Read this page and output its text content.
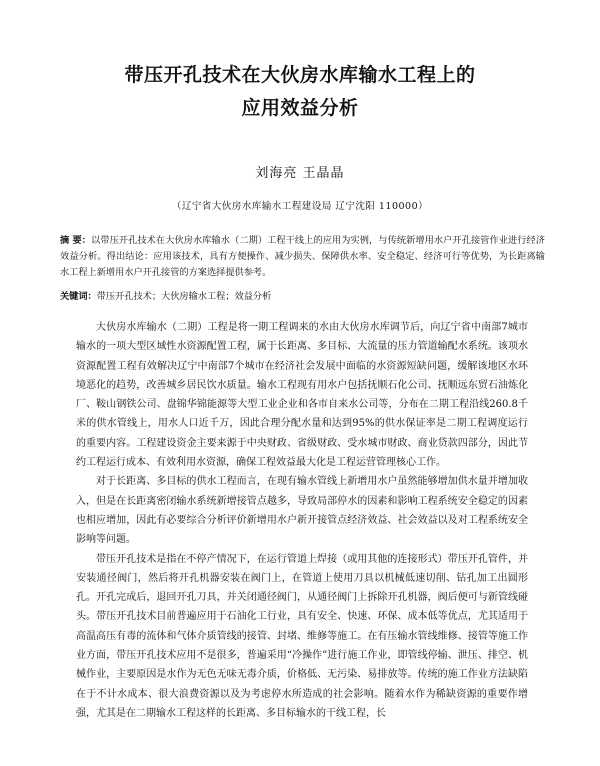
带压开孔技术在大伙房水库输水工程上的
应用效益分析
刘海亮 王晶晶
（辽宁省大伙房水库输水工程建设局 辽宁沈阳 110000）
摘 要：以带压开孔技术在大伙房水库输水（二期）工程干线上的应用为实例，与传统新增用水户开孔接管作业进行经济效益分析。得出结论：应用该技术，具有方便操作、减少损失、保障供水率、安全稳定、经济可行等优势，为长距离输水工程上新增用水户开孔接管的方案选择提供参考。
关键词：带压开孔技术；大伙房输水工程；效益分析

大伙房水库输水（二期）工程是将一期工程调来的水由大伙房水库调节后，向辽宁省中南部7城市输水的一项大型区域性水资源配置工程，属于长距离、多目标、大流量的压力管道输配水系统。该项水资源配置工程有效解决辽宁中南部7个城市在经济社会发展中面临的水资源短缺问题，缓解该地区水环境恶化的趋势，改善城乡居民饮水质量。输水工程现有用水户包括抚顺石化公司、抚顺远东贸石油炼化厂、鞍山钢铁公司、盘锦华锦能源等大型工业企业和各市自来水公司等，分布在二期工程沿线260.8千米的供水管线上，用水人口近千万，因此合理分配水量和达到95%的供水保证率是二期工程调度运行的重要内容。工程建设资金主要来源于中央财政、省级财政、受水城市财政、商业贷款四部分，因此节约工程运行成本、有效利用水资源，确保工程效益最大化是工程运营管理核心工作。

对于长距离、多目标的供水工程而言，在现有输水管线上新增用水户虽然能够增加供水量并增加收入，但是在长距离密闭输水系统新增接管点越多，导致局部停水的因素和影响工程系统安全稳定的因素也相应增加，因此有必要综合分析评价新增用水户新开接管点经济效益、社会效益以及对工程系统安全影响等问题。

带压开孔技术是指在不停产情况下，在运行管道上焊接（或用其他的连接形式）带压开孔管件，并安装通径阀门，然后将开孔机器安装在阀门上，在管道上使用刀具以机械低速切削、钻孔加工出圆形孔。开孔完成后，退回开孔刀具，并关闭通径阀门，从通径阀门上拆除开孔机器，阀后便可与新管线碰头。带压开孔技术目前普遍应用于石油化工行业，具有安全、快速、环保、成本低等优点，尤其适用于高温高压有毒的流体和气体介质管线的接管、封堵、维修等施工。在有压输水管线维修、接管等施工作业方面，带压开孔技术应用不是很多，普遍采用“冷操作”进行施工作业，即管线停输、泄压、排空、机械作业，主要原因是水作为无色无味无毒介质，价格低、无污染、易排放等。传统的施工作业方法缺陷在于不计水成本、很大浪费资源以及为考虑停水所造成的社会影响。随着水作为稀缺资源的重要作增强，尤其是在二期输水工程这样的长距离、多目标输水的干线工程，长
